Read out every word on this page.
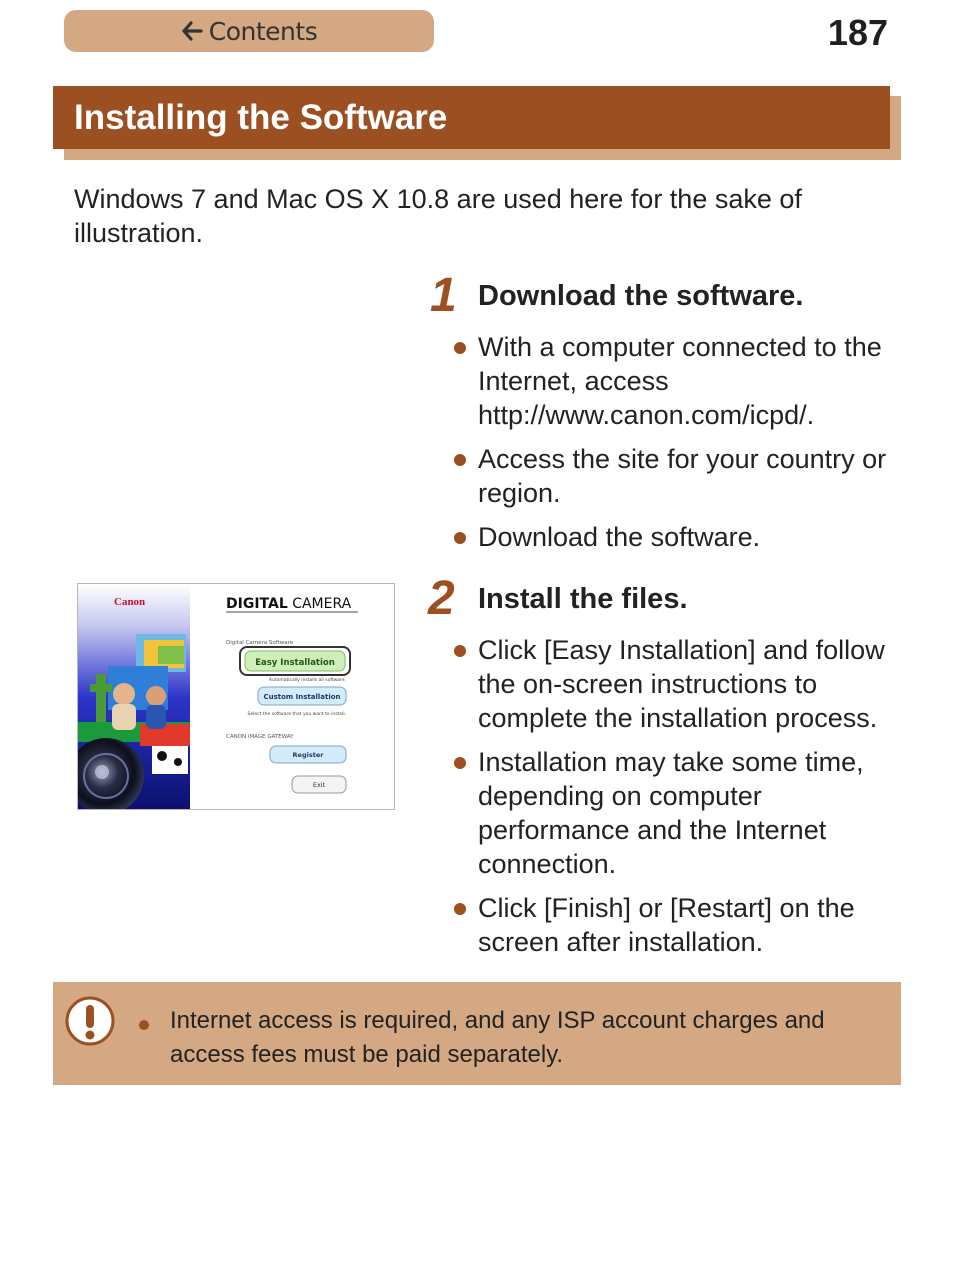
Contents	187
Installing the Software
Windows 7 and Mac OS X 10.8 are used here for the sake of illustration.
1 Download the software.
With a computer connected to the Internet, access http://www.canon.com/icpd/.
Access the site for your country or region.
Download the software.
2 Install the files.
Click [Easy Installation] and follow the on-screen instructions to complete the installation process.
Installation may take some time, depending on computer performance and the Internet connection.
Click [Finish] or [Restart] on the screen after installation.
Canon	DIGITAL CAMERA
Digital Camera Software
Easy Installation
Automatically installs all software.
Custom Installation
Select the software that you want to install.
CANON iMAGE GATEWAY
Register
Exit
Internet access is required, and any ISP account charges and access fees must be paid separately.
